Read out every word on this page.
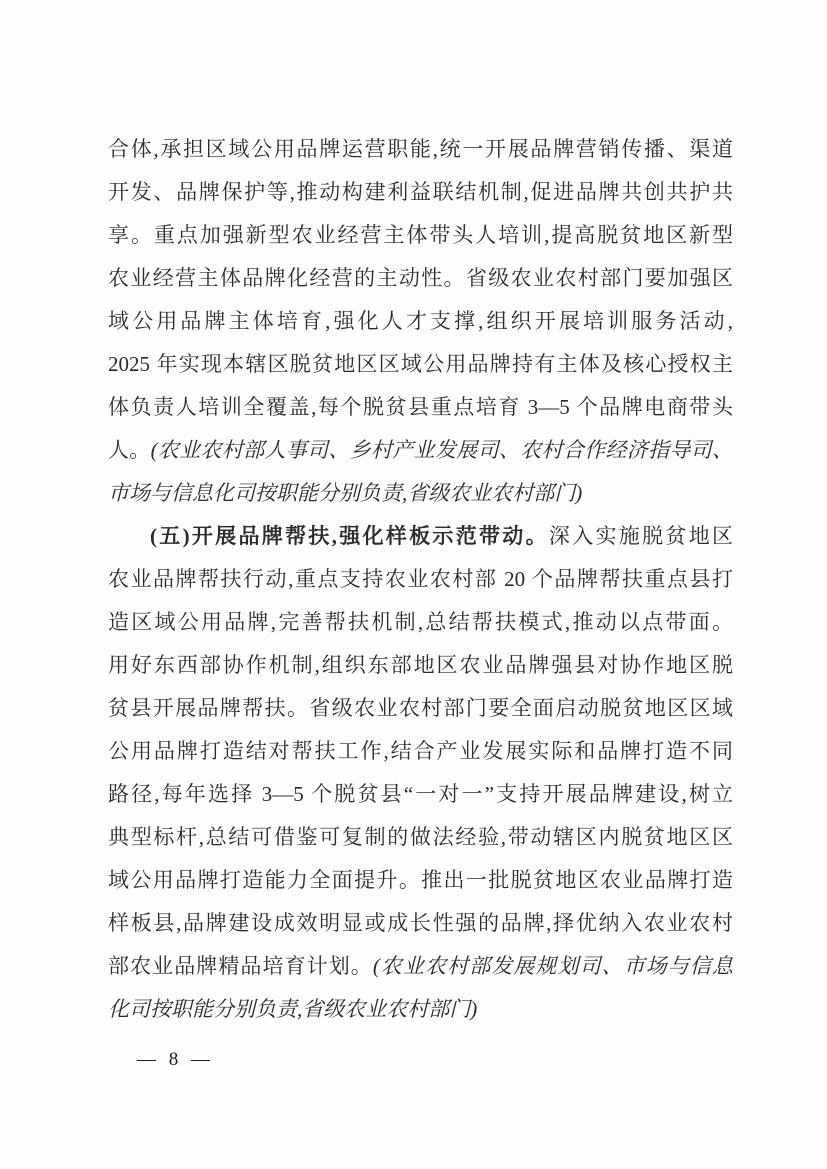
合体,承担区域公用品牌运营职能,统一开展品牌营销传播、渠道
开发、品牌保护等,推动构建利益联结机制,促进品牌共创共护共
享。重点加强新型农业经营主体带头人培训,提高脱贫地区新型
农业经营主体品牌化经营的主动性。省级农业农村部门要加强区
域公用品牌主体培育,强化人才支撑,组织开展培训服务活动,
2025 年实现本辖区脱贫地区区域公用品牌持有主体及核心授权主
体负责人培训全覆盖,每个脱贫县重点培育 3—5 个品牌电商带头
人。(农业农村部人事司、乡村产业发展司、农村合作经济指导司、
市场与信息化司按职能分别负责,省级农业农村部门)
(五)开展品牌帮扶,强化样板示范带动。深入实施脱贫地区
农业品牌帮扶行动,重点支持农业农村部 20 个品牌帮扶重点县打
造区域公用品牌,完善帮扶机制,总结帮扶模式,推动以点带面。
用好东西部协作机制,组织东部地区农业品牌强县对协作地区脱
贫县开展品牌帮扶。省级农业农村部门要全面启动脱贫地区区域
公用品牌打造结对帮扶工作,结合产业发展实际和品牌打造不同
路径,每年选择 3—5 个脱贫县“一对一”支持开展品牌建设,树立
典型标杆,总结可借鉴可复制的做法经验,带动辖区内脱贫地区区
域公用品牌打造能力全面提升。推出一批脱贫地区农业品牌打造
样板县,品牌建设成效明显或成长性强的品牌,择优纳入农业农村
部农业品牌精品培育计划。(农业农村部发展规划司、市场与信息
化司按职能分别负责,省级农业农村部门)
— 8 —
